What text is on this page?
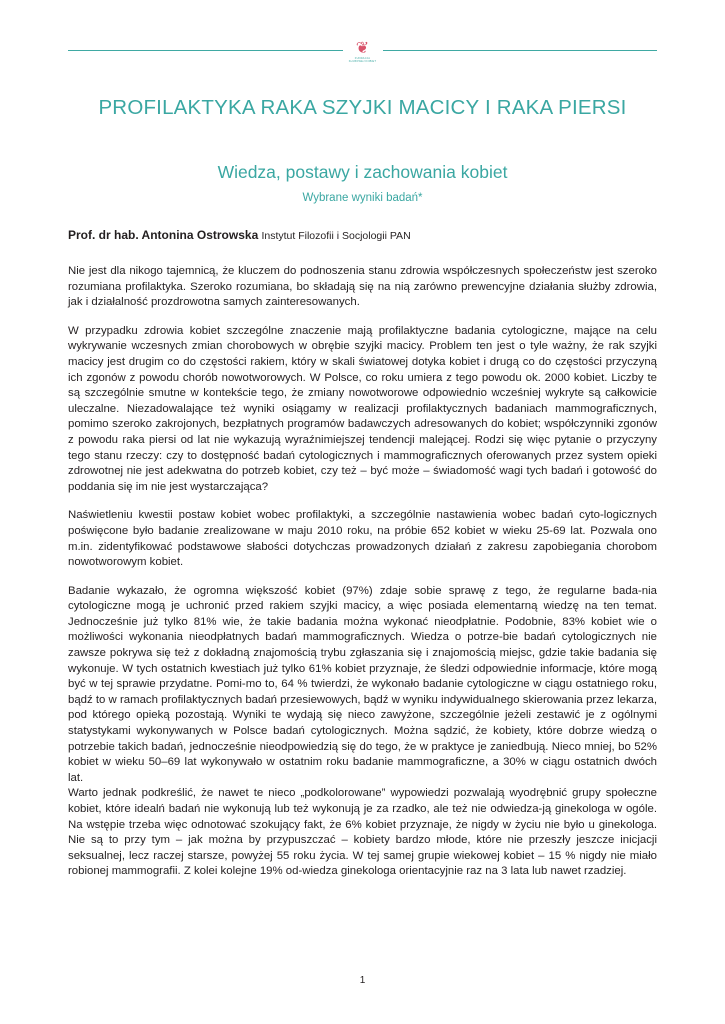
❦
FUNDACJA
KLUBOWEJ KOBIET
PROFILAKTYKA RAKA SZYJKI MACICY I RAKA PIERSI
Wiedza, postawy i zachowania kobiet

Wybrane wyniki badań*

Prof. dr hab. Antonina Ostrowska Instytut Filozofii i Socjologii PAN

Nie jest dla nikogo tajemnicą, że kluczem do podnoszenia stanu zdrowia współczesnych społeczeństw jest szeroko rozumiana profilaktyka. Szeroko rozumiana, bo składają się na nią zarówno prewencyjne działania służby zdrowia, jak i działalność prozdrowotna samych zainteresowanych.

W przypadku zdrowia kobiet szczególne znaczenie mają profilaktyczne badania cytologiczne, mające na celu wykrywanie wczesnych zmian chorobowych w obrębie szyjki macicy. Problem ten jest o tyle ważny, że rak szyjki macicy jest drugim co do częstości rakiem, który w skali światowej dotyka kobiet i drugą co do częstości przyczyną ich zgonów z powodu chorób nowotworowych. W Polsce, co roku umiera z tego powodu ok. 2000 kobiet. Liczby te są szczególnie smutne w kontekście tego, że zmiany nowotworowe odpowiednio wcześniej wykryte są całkowicie uleczalne. Niezadowalające też wyniki osiągamy w realizacji profilaktycznych badaniach mammograficznych, pomimo szeroko zakrojonych, bezpłatnych programów badawczych adresowanych do kobiet; współczynniki zgonów z powodu raka piersi od lat nie wykazują wyraźnimiejszej tendencji malejącej. Rodzi się więc pytanie o przyczyny tego stanu rzeczy: czy to dostępność badań cytologicznych i mammograficznych oferowanych przez system opieki zdrowotnej nie jest adekwatna do potrzeb kobiet, czy też – być może – świadomość wagi tych badań i gotowość do poddania się im nie jest wystarczająca?

Naświetleniu kwestii postaw kobiet wobec profilaktyki, a szczególnie nastawienia wobec badań cyto-logicznych poświęcone było badanie zrealizowane w maju 2010 roku, na próbie 652 kobiet w wieku 25-69 lat. Pozwala ono m.in. zidentyfikować podstawowe słabości dotychczas prowadzonych działań z zakresu zapobiegania chorobom nowotworowym kobiet.

Badanie wykazało, że ogromna większość kobiet (97%) zdaje sobie sprawę z tego, że regularne bada-nia cytologiczne mogą je uchronić przed rakiem szyjki macicy, a więc posiada elementarną wiedzę na ten temat. Jednocześnie już tylko 81% wie, że takie badania można wykonać nieodpłatnie. Podobnie, 83% kobiet wie o możliwości wykonania nieodpłatnych badań mammograficznych. Wiedza o potrze-bie badań cytologicznych nie zawsze pokrywa się też z dokładną znajomością trybu zgłaszania się i znajomością miejsc, gdzie takie badania się wykonuje. W tych ostatnich kwestiach już tylko 61% kobiet przyznaje, że śledzi odpowiednie informacje, które mogą być w tej sprawie przydatne. Pomi-mo to, 64 % twierdzi, że wykonało badanie cytologiczne w ciągu ostatniego roku, bądź to w ramach profilaktycznych badań przesiewowych, bądź w wyniku indywidualnego skierowania przez lekarza, pod którego opieką pozostają. Wyniki te wydają się nieco zawyżone, szczególnie jeżeli zestawić je z ogólnymi statystykami wykonywanych w Polsce badań cytologicznych. Można sądzić, że kobiety, które dobrze wiedzą o potrzebie takich badań, jednocześnie nieodpowiedzią się do tego, że w praktyce je zaniedbują. Nieco mniej, bo 52% kobiet w wieku 50–69 lat wykonywało w ostatnim roku badanie mammograficzne, a 30% w ciągu ostatnich dwóch lat.

Warto jednak podkreślić, że nawet te nieco „podkolorowane” wypowiedzi pozwalają wyodrębnić grupy społeczne kobiet, które idealń badań nie wykonują lub też wykonują je za rzadko, ale też nie odwiedza-ją ginekologa w ogóle. Na wstępie trzeba więc odnotować szokujący fakt, że 6% kobiet przyznaje, że nigdy w życiu nie było u ginekologa. Nie są to przy tym – jak można by przypuszczać – kobiety bardzo młode, które nie przeszły jeszcze inicjacji seksualnej, lecz raczej starsze, powyżej 55 roku życia. W tej samej grupie wiekowej kobiet – 15 % nigdy nie miało robionej mammografii. Z kolei kolejne 19% od-wiedza ginekologa orientacyjnie raz na 3 lata lub nawet rzadziej.

1
